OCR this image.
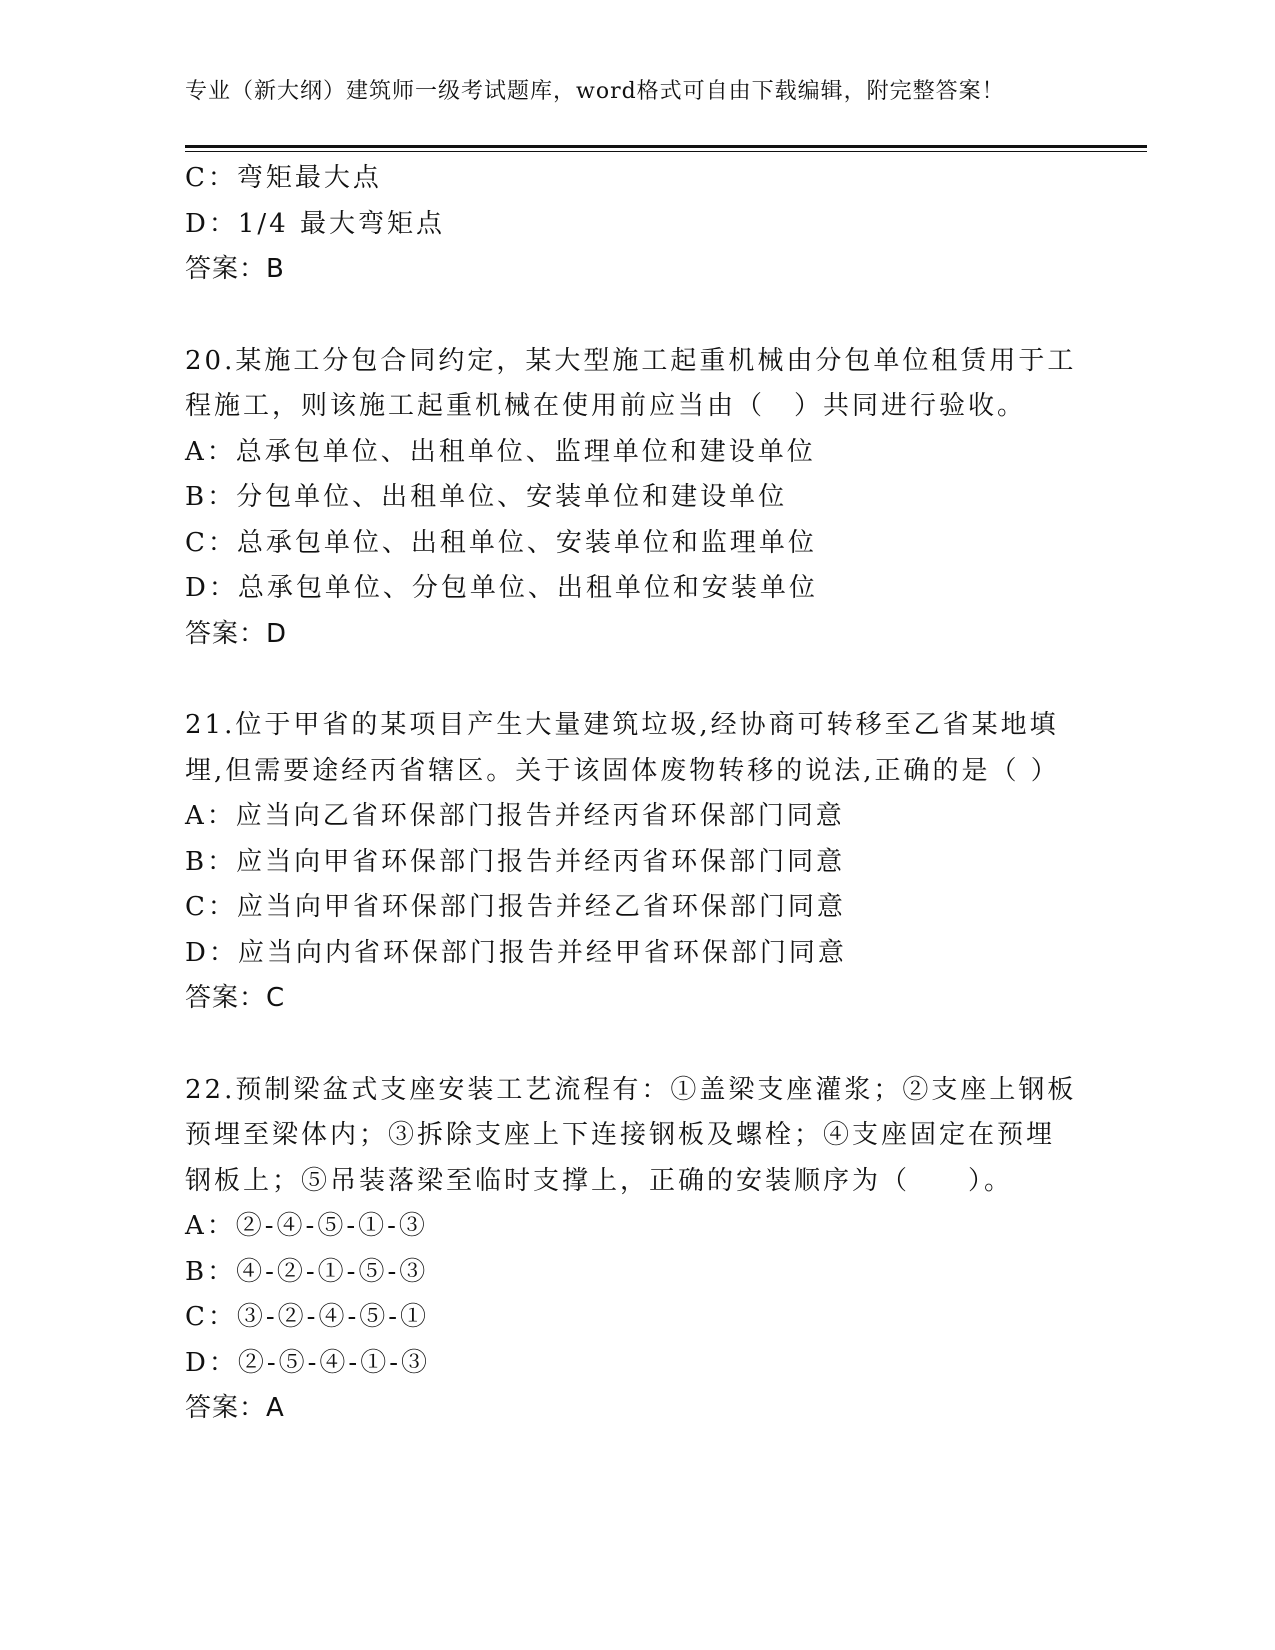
专业（新大纲）建筑师一级考试题库，word格式可自由下载编辑，附完整答案！
C：弯矩最大点
D：1/4 最大弯矩点
答案：B
20.某施工分包合同约定，某大型施工起重机械由分包单位租赁用于工
程施工，则该施工起重机械在使用前应当由（　）共同进行验收。
A：总承包单位、出租单位、监理单位和建设单位
B：分包单位、出租单位、安装单位和建设单位
C：总承包单位、出租单位、安装单位和监理单位
D：总承包单位、分包单位、出租单位和安装单位
答案：D
21.位于甲省的某项目产生大量建筑垃圾,经协商可转移至乙省某地填
埋,但需要途经丙省辖区。关于该固体废物转移的说法,正确的是（ ）
A：应当向乙省环保部门报告并经丙省环保部门同意
B：应当向甲省环保部门报告并经丙省环保部门同意
C：应当向甲省环保部门报告并经乙省环保部门同意
D：应当向内省环保部门报告并经甲省环保部门同意
答案：C
22.预制梁盆式支座安装工艺流程有：①盖梁支座灌浆；②支座上钢板
预埋至梁体内；③拆除支座上下连接钢板及螺栓；④支座固定在预埋
钢板上；⑤吊装落梁至临时支撑上，正确的安装顺序为（　　）。
A：②-④-⑤-①-③
B：④-②-①-⑤-③
C：③-②-④-⑤-①
D：②-⑤-④-①-③
答案：A
